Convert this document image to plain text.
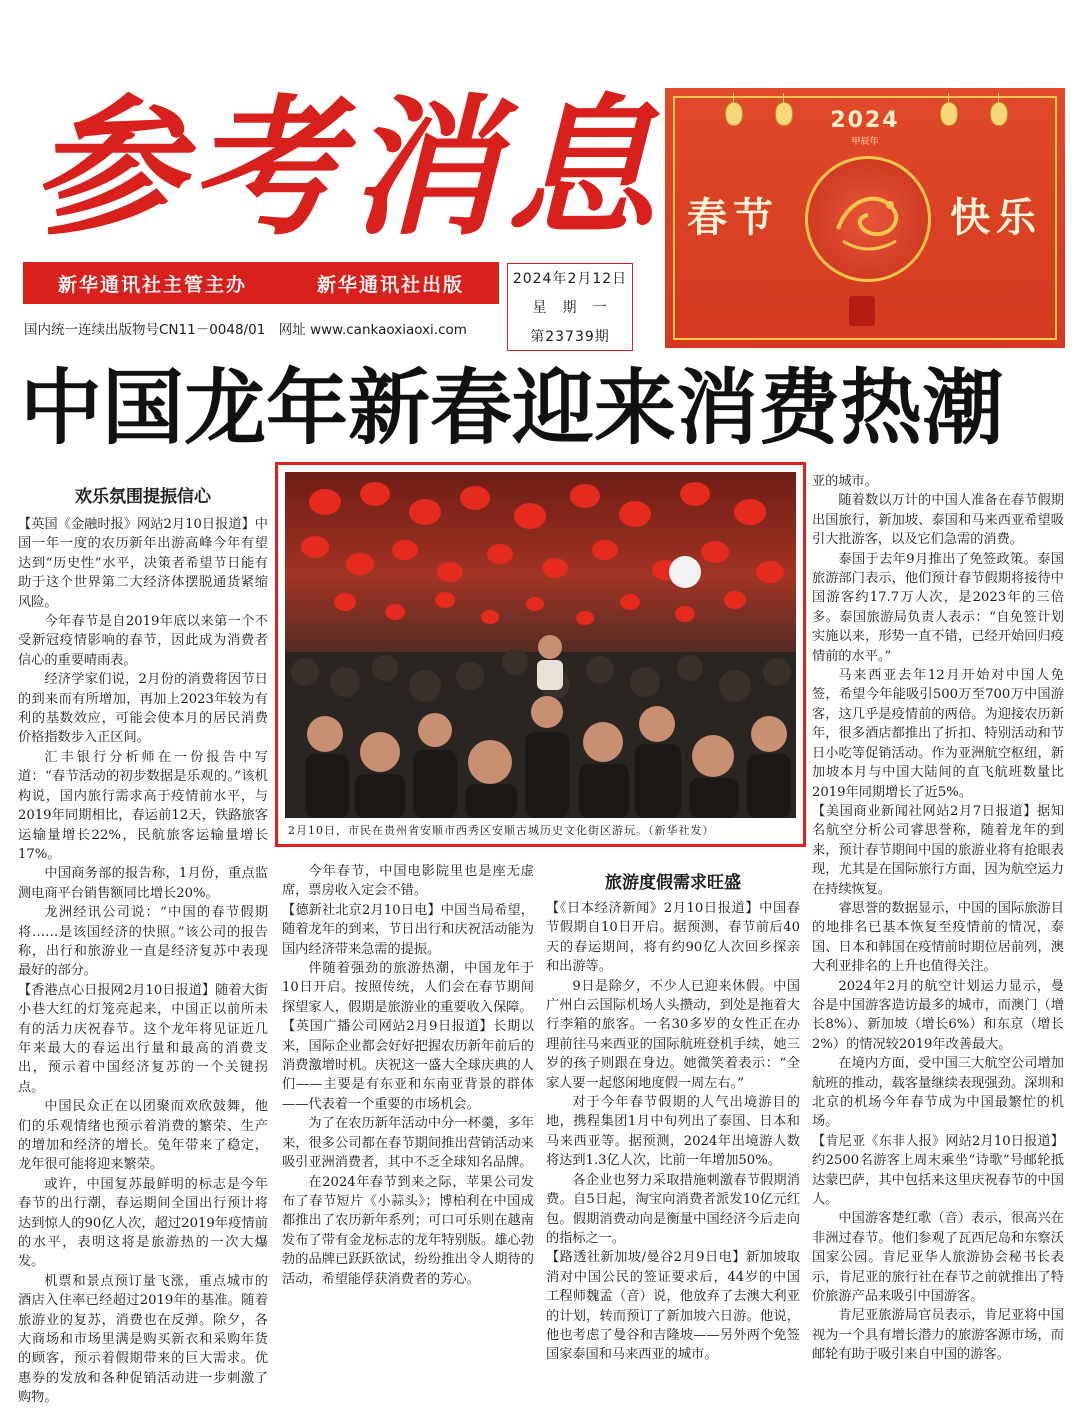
参考消息
新华通讯社主管主办	新华通讯社出版
国内统一连续出版物号CN11－0048/01　网址 www.cankaoxiaoxi.com
2024年2月12日
星　期　一
第23739期
2024
甲辰年
春节	快乐
中国龙年新春迎来消费热潮
欢乐氛围提振信心

【英国《金融时报》网站2月10日报道】中国一年一度的农历新年出游高峰今年有望达到“历史性”水平，决策者希望节日能有助于这个世界第二大经济体摆脱通货紧缩风险。

今年春节是自2019年底以来第一个不受新冠疫情影响的春节，因此成为消费者信心的重要晴雨表。

经济学家们说，2月份的消费将因节日的到来而有所增加，再加上2023年较为有利的基数效应，可能会使本月的居民消费价格指数步入正区间。

汇丰银行分析师在一份报告中写道：“春节活动的初步数据是乐观的。”该机构说，国内旅行需求高于疫情前水平，与2019年同期相比，春运前12天，铁路旅客运输量增长22%，民航旅客运输量增长17%。

中国商务部的报告称，1月份，重点监测电商平台销售额同比增长20%。

龙洲经讯公司说：“中国的春节假期将……是该国经济的快照。”该公司的报告称，出行和旅游业一直是经济复苏中表现最好的部分。

【香港点心日报网2月10日报道】随着大街小巷大红的灯笼亮起来，中国正以前所未有的活力庆祝春节。这个龙年将见证近几年来最大的春运出行量和最高的消费支出，预示着中国经济复苏的一个关键拐点。

中国民众正在以团聚而欢欣鼓舞，他们的乐观情绪也预示着消费的繁荣、生产的增加和经济的增长。兔年带来了稳定，龙年很可能将迎来繁荣。

或许，中国复苏最鲜明的标志是今年春节的出行潮，春运期间全国出行预计将达到惊人的90亿人次，超过2019年疫情前的水平，表明这将是旅游热的一次大爆发。

机票和景点预订量飞涨，重点城市的酒店入住率已经超过2019年的基准。随着旅游业的复苏，消费也在反弹。除夕，各大商场和市场里满是购买新衣和采购年货的顾客，预示着假期带来的巨大需求。优惠券的发放和各种促销活动进一步刺激了购物。

2月10日，市民在贵州省安顺市西秀区安顺古城历史文化街区游玩。（新华社发）

今年春节，中国电影院里也是座无虚席，票房收入定会不错。

【德新社北京2月10日电】中国当局希望，随着龙年的到来，节日出行和庆祝活动能为国内经济带来急需的提振。

伴随着强劲的旅游热潮，中国龙年于10日开启。按照传统，人们会在春节期间探望家人，假期是旅游业的重要收入保障。

【英国广播公司网站2月9日报道】长期以来，国际企业都会好好把握农历新年前后的消费激增时机。庆祝这一盛大全球庆典的人们——主要是有东亚和东南亚背景的群体——代表着一个重要的市场机会。

为了在农历新年活动中分一杯羹，多年来，很多公司都在春节期间推出营销活动来吸引亚洲消费者，其中不乏全球知名品牌。

在2024年春节到来之际，苹果公司发布了春节短片《小蒜头》；博柏利在中国成都推出了农历新年系列；可口可乐则在越南发布了带有金龙标志的龙年特别版。雄心勃勃的品牌已跃跃欲试，纷纷推出令人期待的活动，希望能俘获消费者的芳心。

旅游度假需求旺盛

【《日本经济新闻》2月10日报道】中国春节假期自10日开启。据预测，春节前后40天的春运期间，将有约90亿人次回乡探亲和出游等。

9日是除夕，不少人已迎来休假。中国广州白云国际机场人头攒动，到处是拖着大行李箱的旅客。一名30多岁的女性正在办理前往马来西亚的国际航班登机手续，她三岁的孩子则跟在身边。她微笑着表示：“全家人要一起悠闲地度假一周左右。”

对于今年春节假期的人气出境游目的地，携程集团1月中旬列出了泰国、日本和马来西亚等。据预测，2024年出境游人数将达到1.3亿人次，比前一年增加50%。

各企业也努力采取措施刺激春节假期消费。自5日起，淘宝向消费者派发10亿元红包。假期消费动向是衡量中国经济今后走向的指标之一。

【路透社新加坡/曼谷2月9日电】新加坡取消对中国公民的签证要求后，44岁的中国工程师魏孟（音）说，他放弃了去澳大利亚的计划，转而预订了新加坡六日游。他说，他也考虑了曼谷和吉隆坡——另外两个免签国家泰国和马来西亚的城市。

亚的城市。

随着数以万计的中国人准备在春节假期出国旅行，新加坡、泰国和马来西亚希望吸引大批游客，以及它们急需的消费。

泰国于去年9月推出了免签政策。泰国旅游部门表示，他们预计春节假期将接待中国游客约17.7万人次，是2023年的三倍多。泰国旅游局负责人表示：“自免签计划实施以来，形势一直不错，已经开始回归疫情前的水平。”

马来西亚去年12月开始对中国人免签，希望今年能吸引500万至700万中国游客，这几乎是疫情前的两倍。为迎接农历新年，很多酒店都推出了折扣、特别活动和节日小吃等促销活动。作为亚洲航空枢纽，新加坡本月与中国大陆间的直飞航班数量比2019年同期增长了近5%。

【美国商业新闻社网站2月7日报道】据知名航空分析公司睿思誉称，随着龙年的到来，预计春节期间中国的旅游业将有抢眼表现，尤其是在国际旅行方面，因为航空运力在持续恢复。

睿思誉的数据显示，中国的国际旅游目的地排名已基本恢复至疫情前的情况，泰国、日本和韩国在疫情前时期位居前列，澳大利亚排名的上升也值得关注。

2024年2月的航空计划运力显示，曼谷是中国游客造访最多的城市，而澳门（增长8%）、新加坡（增长6%）和东京（增长2%）的情况较2019年改善最大。

在境内方面，受中国三大航空公司增加航班的推动，载客量继续表现强劲。深圳和北京的机场今年春节成为中国最繁忙的机场。

【肯尼亚《东非人报》网站2月10日报道】约2500名游客上周末乘坐“诗歌”号邮轮抵达蒙巴萨，其中包括来这里庆祝春节的中国人。

中国游客楚红歌（音）表示，很高兴在非洲过春节。他们参观了瓦西尼岛和东察沃国家公园。肯尼亚华人旅游协会秘书长表示，肯尼亚的旅行社在春节之前就推出了特价旅游产品来吸引中国游客。

肯尼亚旅游局官员表示，肯尼亚将中国视为一个具有增长潜力的旅游客源市场，而邮轮有助于吸引来自中国的游客。
